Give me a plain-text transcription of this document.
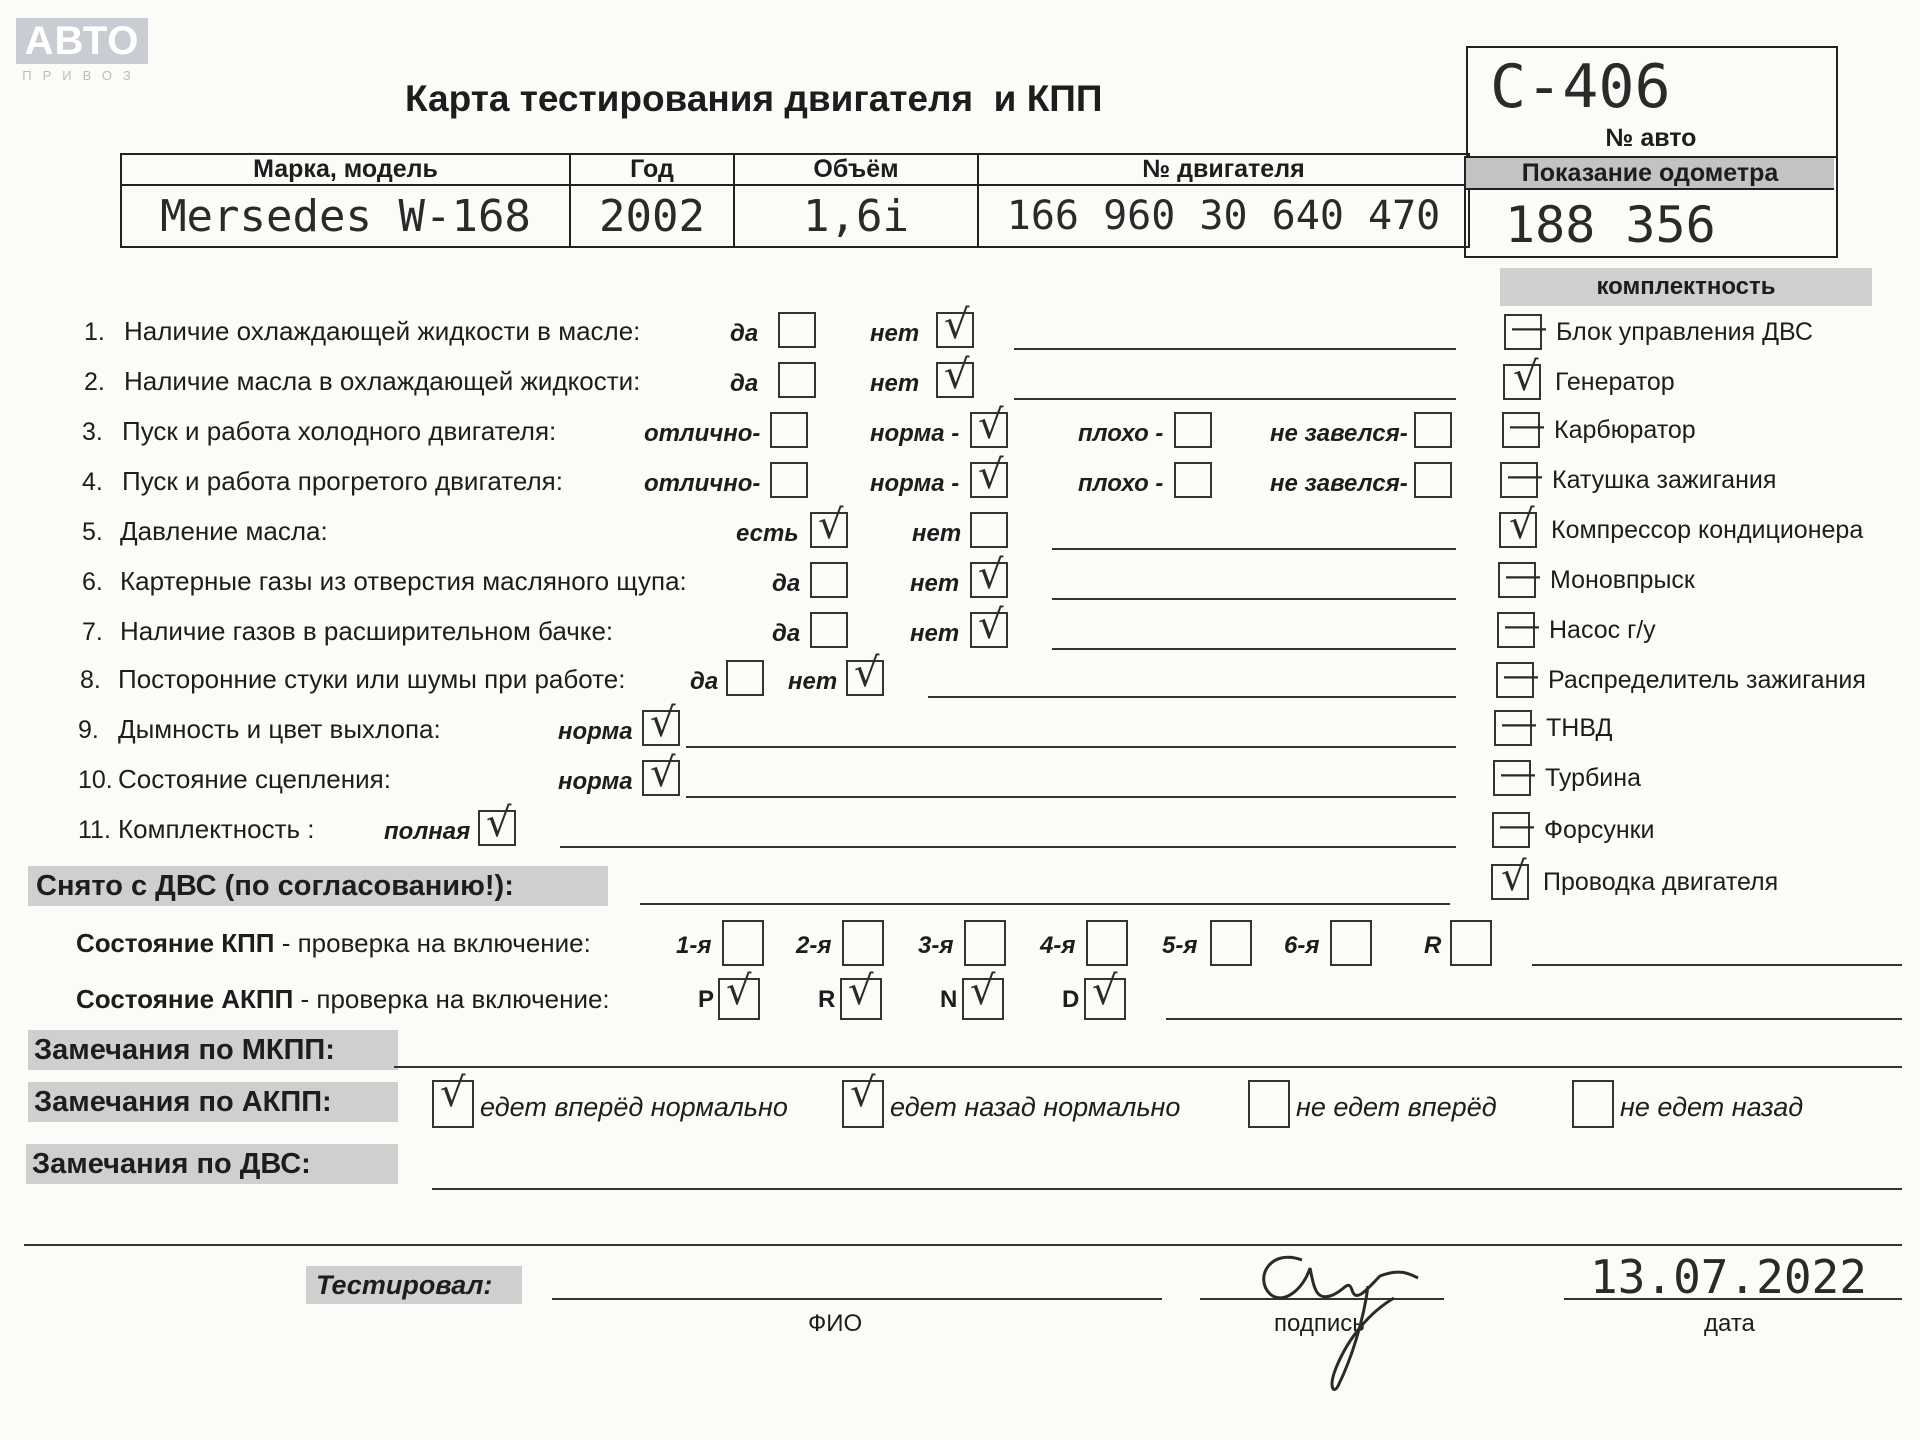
АВТО
ПРИВОЗ
Карта тестирования двигателя  и КПП	C-406
№ авто
Марка, модель	Год	Объём	№ двигателя
Mersedes W-168	2002	1,6i	166 960 30 640 470
Показание одометра
188 356
комплектность
1. Наличие охлаждающей жидкости в масле:	да	нет √
2. Наличие масла в охлаждающей жидкости:	да	нет √
3. Пуск и работа холодного двигателя:	отлично-	норма - √	плохо -	не завелся-
4. Пуск и работа прогретого двигателя:	отлично-	норма - √	плохо -	не завелся-
5. Давление масла:	есть √	нет
6. Картерные газы из отверстия масляного щупа:	да	нет √
7. Наличие газов в расширительном бачке:	да	нет √
8. Посторонние стуки или шумы при работе:	да	нет √
9. Дымность и цвет выхлопа:	норма √
10. Состояние сцепления:	норма √
11. Комплектность :	полная √
— Блок управления ДВС
√ Генератор
— Карбюратор
— Катушка зажигания
√ Компрессор кондиционера
— Моновпрыск
— Насос г/у
— Распределитель зажигания
— ТНВД
— Турбина
— Форсунки
√ Проводка двигателя
Снято с ДВС (по согласованию!):
Состояние КПП - проверка на включение:	1-я	2-я	3-я	4-я	5-я	6-я	R
Состояние АКПП - проверка на включение:	P √	R √	N √	D √
Замечания по МКПП:
Замечания по АКПП:	√ едет вперёд нормально √ едет назад нормально	не едет вперёд	не едет назад
Замечания по ДВС:
Тестировал:
ФИО	подпись
13.07.2022
дата
